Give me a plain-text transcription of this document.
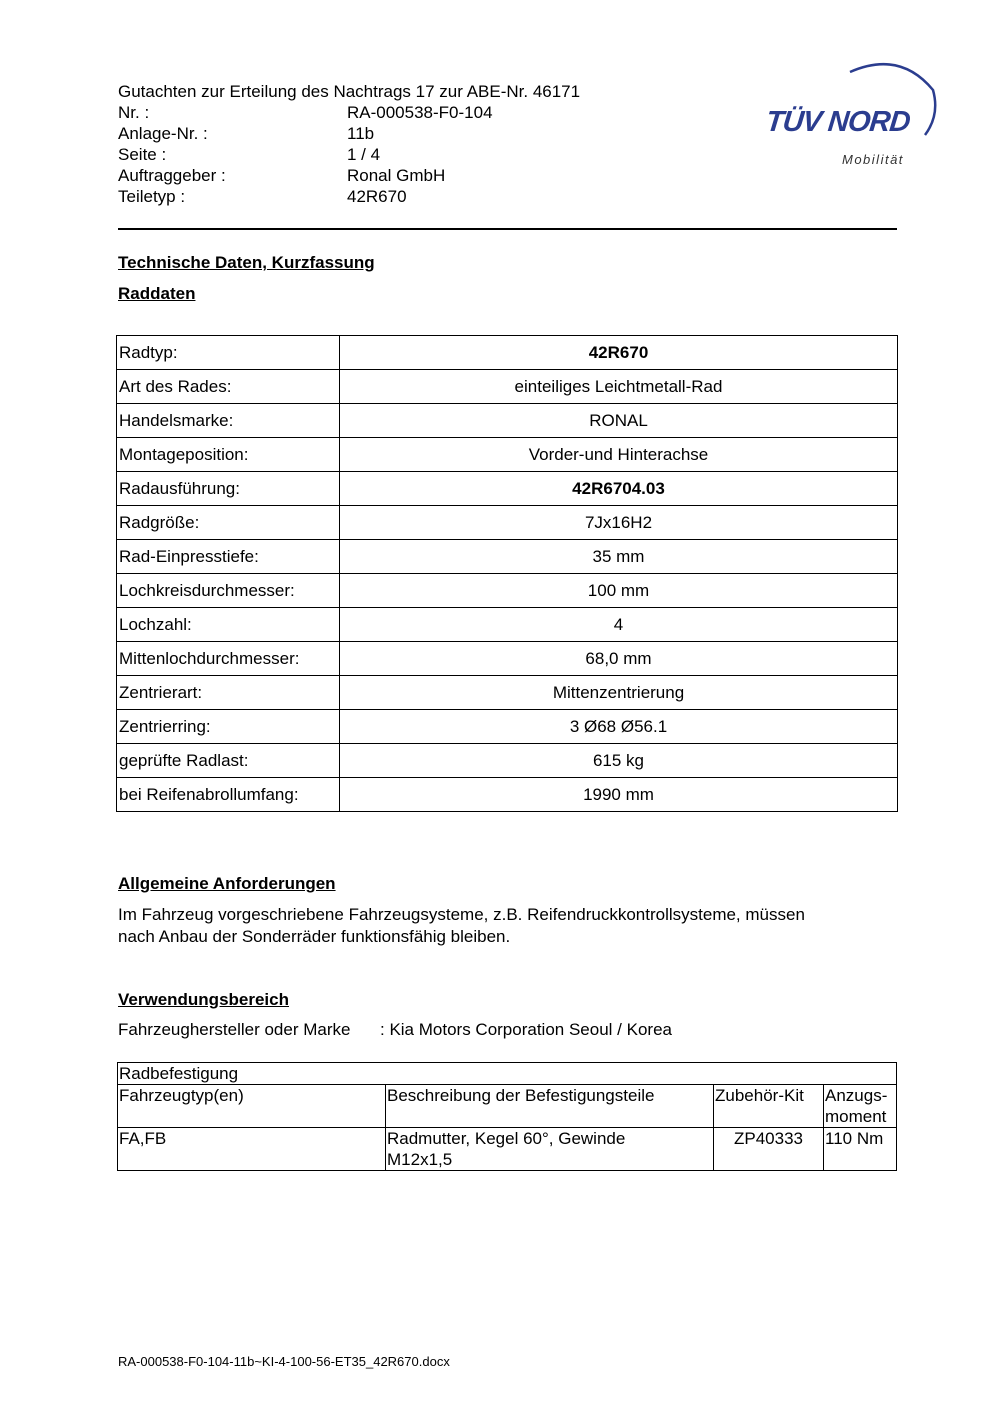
Gutachten zur Erteilung des Nachtrags 17 zur ABE-Nr. 46171
Nr. :	RA-000538-F0-104
Anlage-Nr. :	11b
Seite :	1 / 4
Auftraggeber :	Ronal GmbH
Teiletyp :	42R670
TÜV NORD
Mobilität
Technische Daten, Kurzfassung
Raddaten
Radtyp:	42R670
Art des Rades:	einteiliges Leichtmetall-Rad
Handelsmarke:	RONAL
Montageposition:	Vorder-und Hinterachse
Radausführung:	42R6704.03
Radgröße:	7Jx16H2
Rad-Einpresstiefe:	35 mm
Lochkreisdurchmesser:	100 mm
Lochzahl:	4
Mittenlochdurchmesser:	68,0 mm
Zentrierart:	Mittenzentrierung
Zentrierring:	3 Ø68 Ø56.1
geprüfte Radlast:	615 kg
bei Reifenabrollumfang:	1990 mm
Allgemeine Anforderungen
Im Fahrzeug vorgeschriebene Fahrzeugsysteme, z.B. Reifendruckkontrollsysteme, müssen
nach Anbau der Sonderräder funktionsfähig bleiben.
Verwendungsbereich
Fahrzeughersteller oder Marke : Kia Motors Corporation Seoul / Korea
Radbefestigung			
Fahrzeugtyp(en)	Beschreibung der Befestigungsteile	Zubehör-Kit	Anzugs-
moment
FA,FB	Radmutter, Kegel 60°, Gewinde
M12x1,5	ZP40333	110 Nm
RA-000538-F0-104-11b~KI-4-100-56-ET35_42R670.docx
